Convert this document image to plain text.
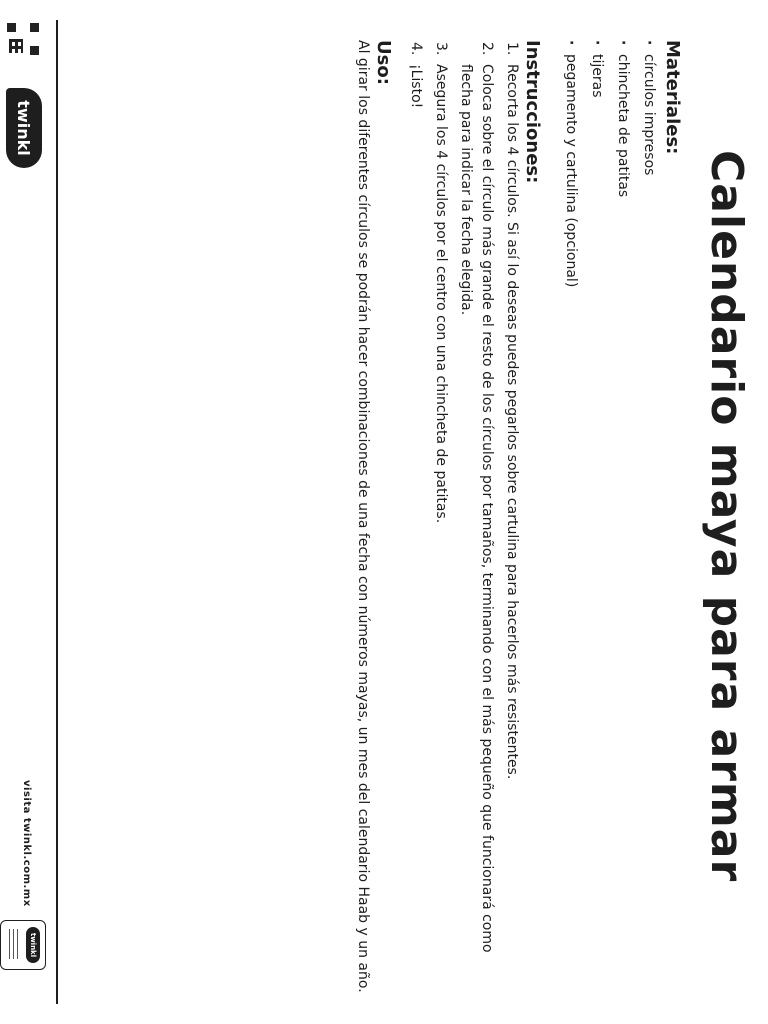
Calendario maya para armar
Materiales:
·círculos impresos
·chincheta de patitas
·tijeras
·pegamento y cartulina (opcional)
Instrucciones:
1.
Recorta los 4 círculos. Si así lo deseas puedes pegarlos sobre cartulina para hacerlos más resistentes.
2.
Coloca sobre el círculo más grande el resto de los círculos por tamaños, terminando con el más pequeño que funcionará como flecha para indicar la fecha elegida.
3.
Asegura los 4 círculos por el centro con una chincheta de patitas.
4.
¡Listo!
Uso:

Al girar los diferentes círculos se podrán hacer combinaciones de una fecha con números mayas, un mes del calendario Haab y un año.

twinkl
visita twinkl.com.mx
twinkl
